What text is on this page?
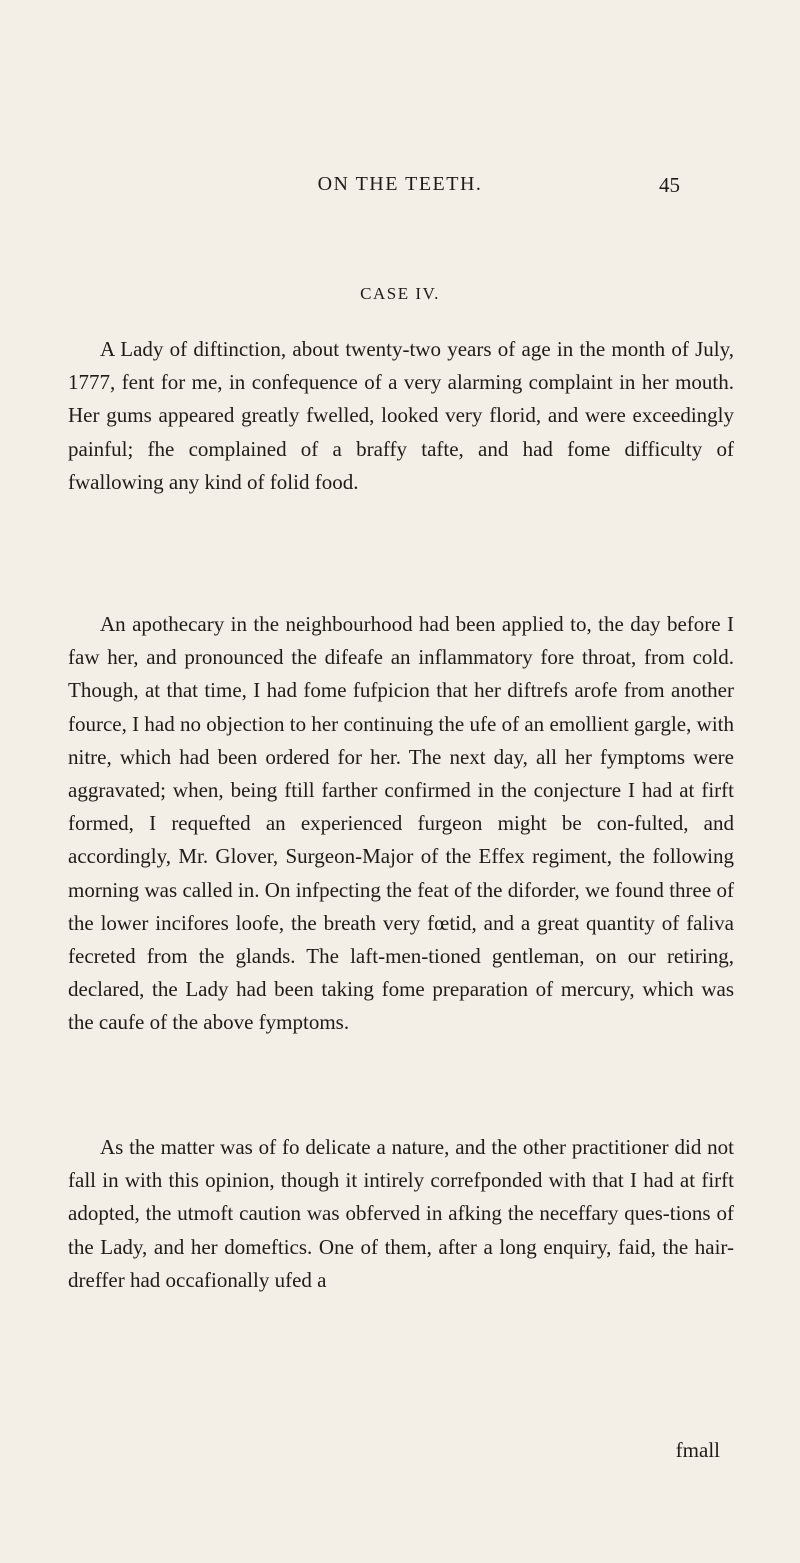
ON THE TEETH.	45
CASE IV.

A Lady of diftinction, about twenty-two years of age in the month of July, 1777, fent for me, in confequence of a very alarming complaint in her mouth. Her gums appeared greatly fwelled, looked very florid, and were exceedingly painful; fhe complained of a braffy tafte, and had fome difficulty of fwallowing any kind of folid food.

An apothecary in the neighbourhood had been applied to, the day before I faw her, and pronounced the difeafe an inflammatory fore throat, from cold. Though, at that time, I had fome fufpicion that her diftrefs arofe from another fource, I had no objection to her continuing the ufe of an emollient gargle, with nitre, which had been ordered for her. The next day, all her fymptoms were aggravated; when, being ftill farther confirmed in the conjecture I had at firft formed, I requefted an experienced furgeon might be con-fulted, and accordingly, Mr. Glover, Surgeon-Major of the Effex regiment, the following morning was called in. On infpecting the feat of the diforder, we found three of the lower incifores loofe, the breath very fœtid, and a great quantity of faliva fecreted from the glands. The laft-men-tioned gentleman, on our retiring, declared, the Lady had been taking fome preparation of mercury, which was the caufe of the above fymptoms.

As the matter was of fo delicate a nature, and the other practitioner did not fall in with this opinion, though it intirely correfponded with that I had at firft adopted, the utmoft caution was obferved in afking the neceffary ques-tions of the Lady, and her domeftics. One of them, after a long enquiry, faid, the hair-dreffer had occafionally ufed a

fmall
